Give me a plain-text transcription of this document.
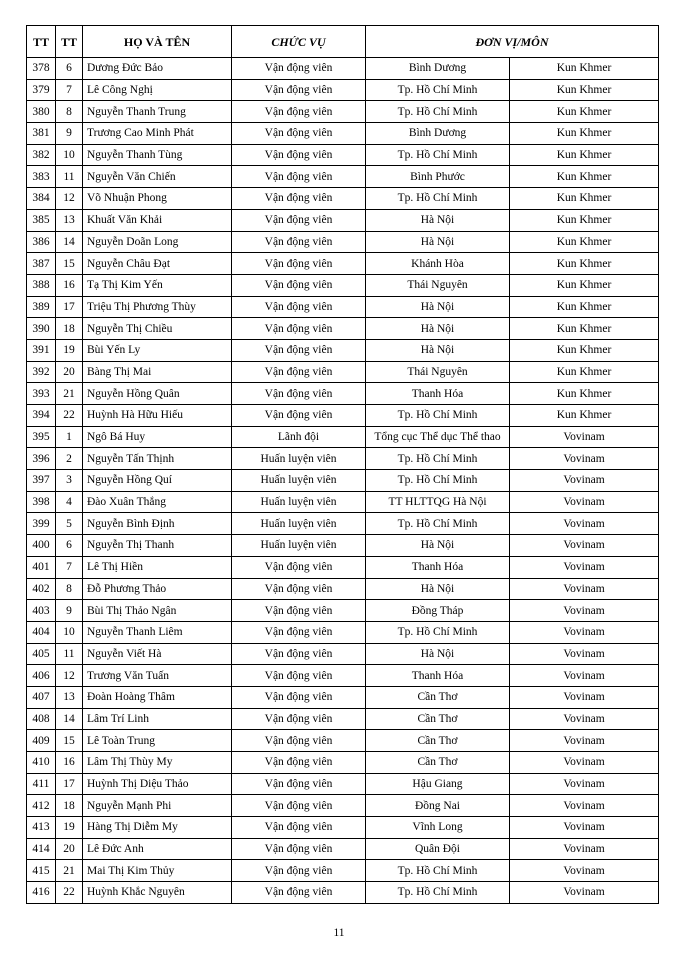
TT	TT	HỌ VÀ TÊN	CHỨC VỤ	ĐƠN VỊ/MÔN	
378	6	Dương Đức Bảo	Vận động viên	Bình Dương	Kun Khmer
379	7	Lê Công Nghị	Vận động viên	Tp. Hồ Chí Minh	Kun Khmer
380	8	Nguyễn Thanh Trung	Vận động viên	Tp. Hồ Chí Minh	Kun Khmer
381	9	Trương Cao Minh Phát	Vận động viên	Bình Dương	Kun Khmer
382	10	Nguyễn Thanh Tùng	Vận động viên	Tp. Hồ Chí Minh	Kun Khmer
383	11	Nguyễn Văn Chiến	Vận động viên	Bình Phước	Kun Khmer
384	12	Võ Nhuận Phong	Vận động viên	Tp. Hồ Chí Minh	Kun Khmer
385	13	Khuất Văn Khải	Vận động viên	Hà Nội	Kun Khmer
386	14	Nguyễn Doãn Long	Vận động viên	Hà Nội	Kun Khmer
387	15	Nguyễn Châu Đạt	Vận động viên	Khánh Hòa	Kun Khmer
388	16	Tạ Thị Kim Yến	Vận động viên	Thái Nguyên	Kun Khmer
389	17	Triệu Thị Phương Thùy	Vận động viên	Hà Nội	Kun Khmer
390	18	Nguyễn Thị Chiều	Vận động viên	Hà Nội	Kun Khmer
391	19	Bùi Yến Ly	Vận động viên	Hà Nội	Kun Khmer
392	20	Bàng Thị Mai	Vận động viên	Thái Nguyên	Kun Khmer
393	21	Nguyễn Hồng Quân	Vận động viên	Thanh Hóa	Kun Khmer
394	22	Huỳnh Hà Hữu Hiếu	Vận động viên	Tp. Hồ Chí Minh	Kun Khmer
395	1	Ngô Bá Huy	Lãnh đội	Tổng cục Thể dục Thể thao	Vovinam
396	2	Nguyễn Tấn Thịnh	Huấn luyện viên	Tp. Hồ Chí Minh	Vovinam
397	3	Nguyễn Hồng Quí	Huấn luyện viên	Tp. Hồ Chí Minh	Vovinam
398	4	Đào Xuân Thắng	Huấn luyện viên	TT HLTTQG Hà Nội	Vovinam
399	5	Nguyễn Bình Định	Huấn luyện viên	Tp. Hồ Chí Minh	Vovinam
400	6	Nguyễn Thị Thanh	Huấn luyện viên	Hà Nội	Vovinam
401	7	Lê Thị Hiền	Vận động viên	Thanh Hóa	Vovinam
402	8	Đỗ Phương Thảo	Vận động viên	Hà Nội	Vovinam
403	9	Bùi Thị Thảo Ngân	Vận động viên	Đồng Tháp	Vovinam
404	10	Nguyễn Thanh Liêm	Vận động viên	Tp. Hồ Chí Minh	Vovinam
405	11	Nguyễn Viết Hà	Vận động viên	Hà Nội	Vovinam
406	12	Trương Văn Tuấn	Vận động viên	Thanh Hóa	Vovinam
407	13	Đoàn Hoàng Thâm	Vận động viên	Cần Thơ	Vovinam
408	14	Lâm Trí Linh	Vận động viên	Cần Thơ	Vovinam
409	15	Lê Toàn Trung	Vận động viên	Cần Thơ	Vovinam
410	16	Lâm Thị Thùy My	Vận động viên	Cần Thơ	Vovinam
411	17	Huỳnh Thị Diệu Thảo	Vận động viên	Hậu Giang	Vovinam
412	18	Nguyễn Mạnh Phi	Vận động viên	Đồng Nai	Vovinam
413	19	Hàng Thị Diễm My	Vận động viên	Vĩnh Long	Vovinam
414	20	Lê Đức Anh	Vận động viên	Quân Đội	Vovinam
415	21	Mai Thị Kim Thủy	Vận động viên	Tp. Hồ Chí Minh	Vovinam
416	22	Huỳnh Khắc Nguyên	Vận động viên	Tp. Hồ Chí Minh	Vovinam
11
